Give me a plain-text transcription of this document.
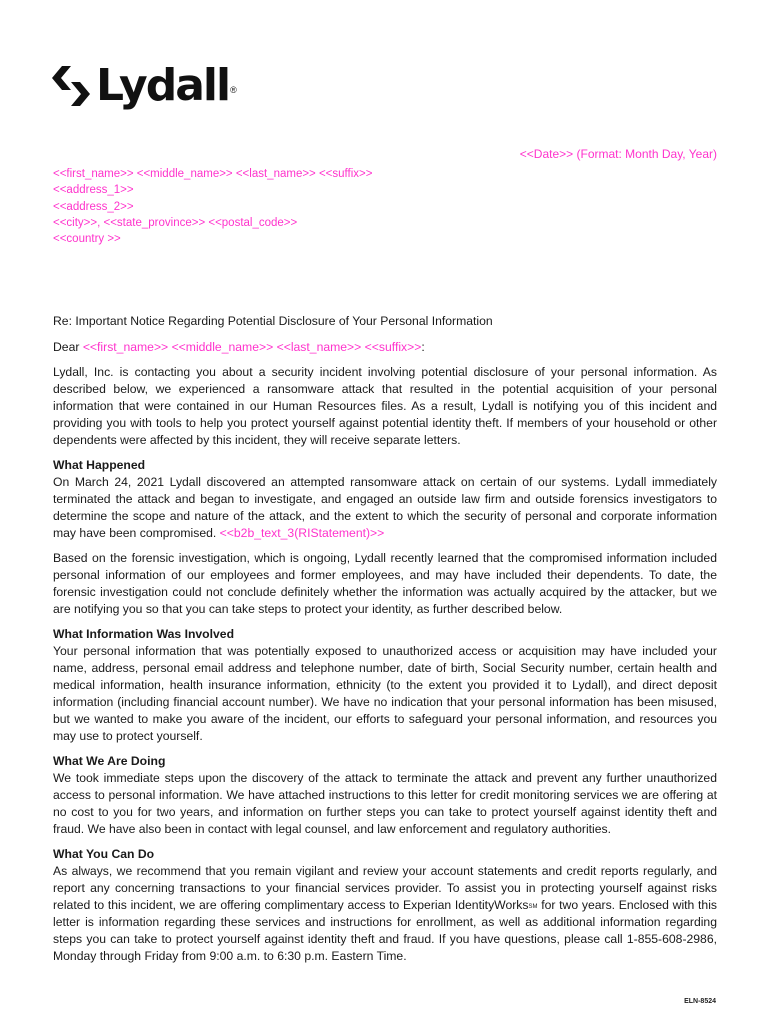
Lydall ®
<<Date>> (Format: Month Day, Year)
<<first_name>> <<middle_name>> <<last_name>> <<suffix>>
<<address_1>>
<<address_2>>
<<city>>, <<state_province>> <<postal_code>>
<<country >>
Re: Important Notice Regarding Potential Disclosure of Your Personal Information
Dear <<first_name>> <<middle_name>> <<last_name>> <<suffix>>:

Lydall, Inc. is contacting you about a security incident involving potential disclosure of your personal information. As described below, we experienced a ransomware attack that resulted in the potential acquisition of your personal information that were contained in our Human Resources files. As a result, Lydall is notifying you of this incident and providing you with tools to help you protect yourself against potential identity theft. If members of your household or other dependents were affected by this incident, they will receive separate letters.

What Happened

On March 24, 2021 Lydall discovered an attempted ransomware attack on certain of our systems. Lydall immediately terminated the attack and began to investigate, and engaged an outside law firm and outside forensics investigators to determine the scope and nature of the attack, and the extent to which the security of personal and corporate information may have been compromised. <<b2b_text_3(RIStatement)>>

Based on the forensic investigation, which is ongoing, Lydall recently learned that the compromised information included personal information of our employees and former employees, and may have included their dependents. To date, the forensic investigation could not conclude definitely whether the information was actually acquired by the attacker, but we are notifying you so that you can take steps to protect your identity, as further described below.

What Information Was Involved

Your personal information that was potentially exposed to unauthorized access or acquisition may have included your name, address, personal email address and telephone number, date of birth, Social Security number, certain health and medical information, health insurance information, ethnicity (to the extent you provided it to Lydall), and direct deposit information (including financial account number). We have no indication that your personal information has been misused, but we wanted to make you aware of the incident, our efforts to safeguard your personal information, and resources you may use to protect yourself.

What We Are Doing

We took immediate steps upon the discovery of the attack to terminate the attack and prevent any further unauthorized access to personal information. We have attached instructions to this letter for credit monitoring services we are offering at no cost to you for two years, and information on further steps you can take to protect yourself against identity theft and fraud. We have also been in contact with legal counsel, and law enforcement and regulatory authorities.

What You Can Do

As always, we recommend that you remain vigilant and review your account statements and credit reports regularly, and report any concerning transactions to your financial services provider. To assist you in protecting yourself against risks related to this incident, we are offering complimentary access to Experian IdentityWorks℠ for two years. Enclosed with this letter is information regarding these services and instructions for enrollment, as well as additional information regarding steps you can take to protect yourself against identity theft and fraud. If you have questions, please call 1-855-608-2986, Monday through Friday from 9:00 a.m. to 6:30 p.m. Eastern Time.

ELN-8524
